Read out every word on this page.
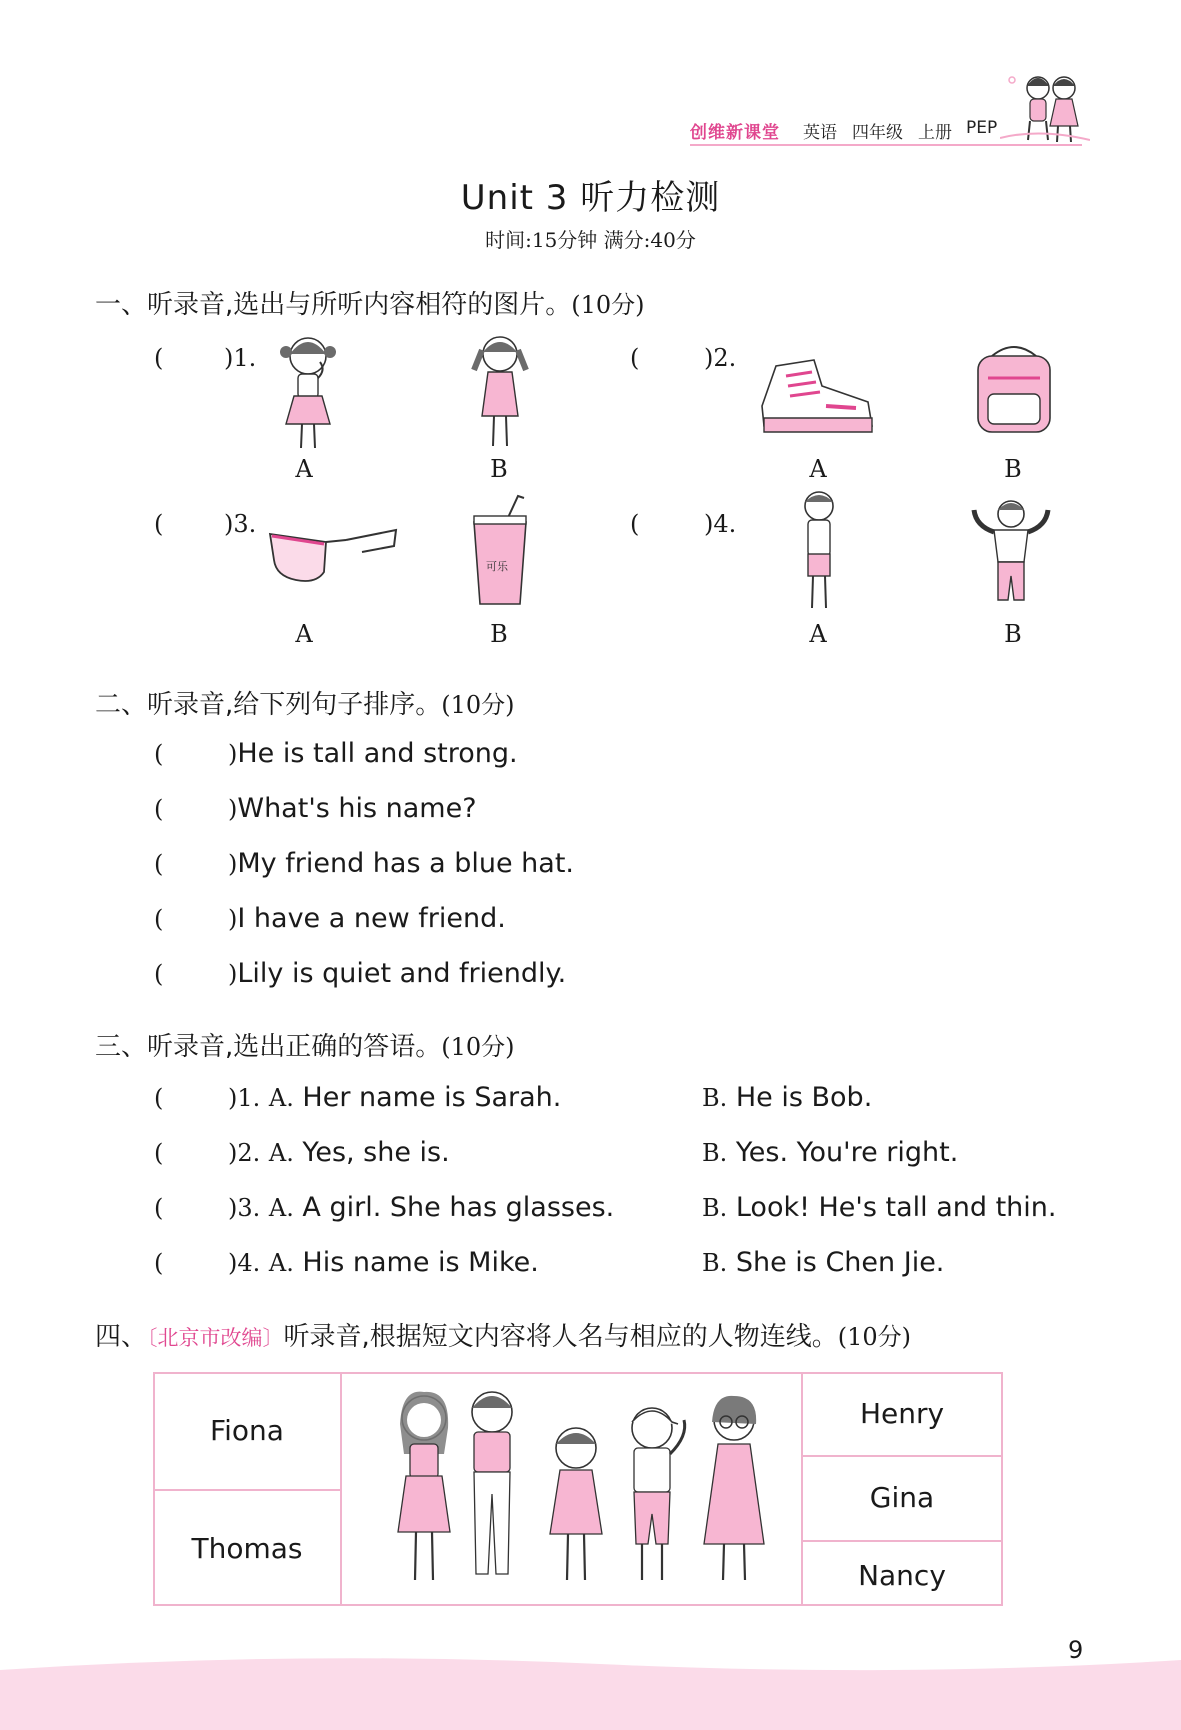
创维新课堂 英语 四年级 上册 PEP
Unit 3 听力检测
时间:15分钟 满分:40分
一、听录音,选出与所听内容相符的图片。(10分)
(	)1.
A	B
(	)2.
A	B
(	)3.
A
可乐
B
(	)4.
A	B
二、听录音,给下列句子排序。(10分)
(	)He is tall and strong.
(	)What's his name?
(	)My friend has a blue hat.
(	)I have a new friend.
(	)Lily is quiet and friendly.
三、听录音,选出正确的答语。(10分)
(	)1. A. Her name is Sarah.	B. He is Bob.
(	)2. A. Yes, she is.	B. Yes. You're right.
(	)3. A. A girl. She has glasses.	B. Look! He's tall and thin.
(	)4. A. His name is Mike.	B. She is Chen Jie.
四、〔北京市改编〕听录音,根据短文内容将人名与相应的人物连线。(10分)
Fiona
Thomas
Henry
Gina
Nancy
9
